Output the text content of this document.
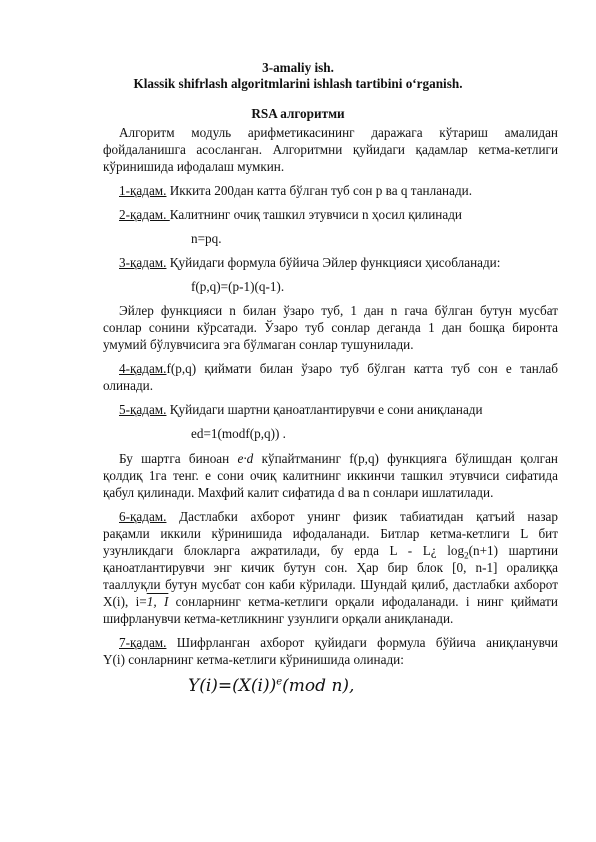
3-amaliy ish.
Klassik shifrlash algoritmlarini ishlash tartibini o‘rganish.
RSA алгоритми
Алгоритм модуль арифметикасининг даражага кўтариш амалидан
фойдаланишга асосланган. Алгоритмни қуйидаги қадамлар кетма-кетлиги
кўринишида ифодалаш мумкин.
1-қадам. Иккита 200дан катта бўлган туб сон p ва q танланади.
2-қадам. Калитнинг очиқ ташкил этувчиси n ҳосил қилинади
n=pq.
3-қадам. Қуйидаги формула бўйича Эйлер функцияси ҳисобланади:
f(p,q)=(p-1)(q-1).
Эйлер функцияси n билан ўзаро туб, 1 дан n гача бўлган бутун мусбат
сонлар сонини кўрсатади. Ўзаро туб сонлар деганда 1 дан бошқа биронта
умумий бўлувчисига эга бўлмаган сонлар тушунилади.
4-қадам.f(p,q) қиймати билан ўзаро туб бўлган катта туб сон e танлаб
олинади.
5-қадам. Қуйидаги шартни қаноатлантирувчи e сони аниқланади
ed=1(modf(p,q)) .
Бу шартга биноан e·d кўпайтманинг f(p,q) функцияга бўлишдан қолган
қолдиқ 1га тенг. e сони очиқ калитнинг иккинчи ташкил этувчиси сифатида
қабул қилинади. Махфий калит сифатида d ва n сонлари ишлатилади.
6-қадам. Дастлабки ахборот унинг физик табиатидан қатъий назар
рақамли иккили кўринишида ифодаланади. Битлар кетма-кетлиги L бит
узунликдаги блокларга ажратилади, бу ерда L - L¿ $\log_2(n+1)$ шартини
қаноатлантирувчи энг кичик бутун сон. Ҳар бир блок [0, n-1] оралиққа
тааллуқли бутун мусбат сон каби кўрилади. Шундай қилиб, дастлабки ахборот
X(i), i=1, I сонларнинг кетма-кетлиги орқали ифодаланади. i нинг қиймати
шифрланувчи кетма-кетликнинг узунлиги орқали аниқланади.
7-қадам. Шифрланган ахборот қуйидаги формула бўйича аниқланувчи
Y(i) сонларнинг кетма-кетлиги кўринишида олинади:
$Y(i)=(X(i))^e(mod$ n),
